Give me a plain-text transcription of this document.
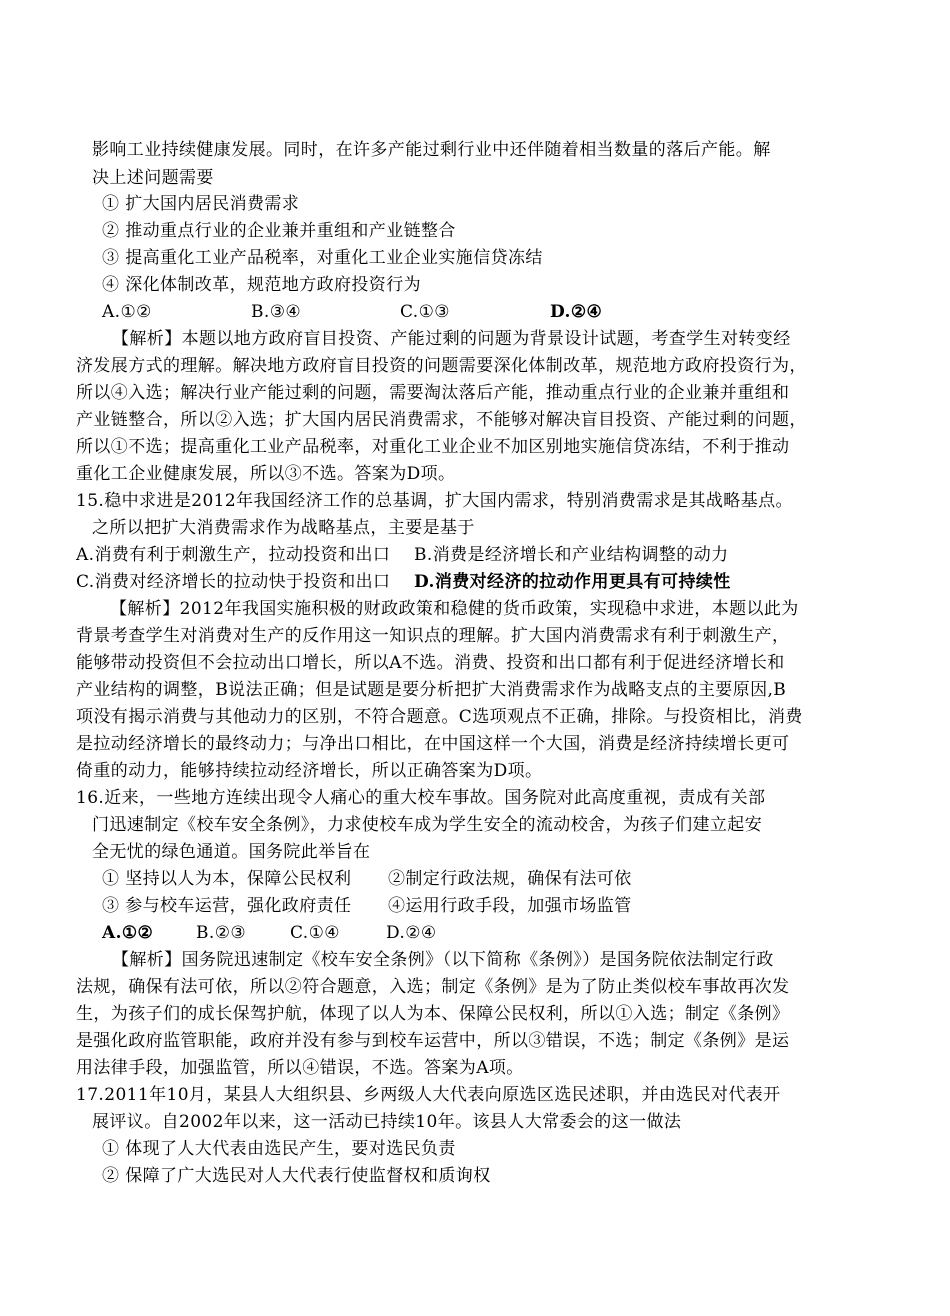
影响工业持续健康发展。同时，在许多产能过剩行业中还伴随着相当数量的落后产能。解
决上述问题需要
① 扩大国内居民消费需求
② 推动重点行业的企业兼并重组和产业链整合
③ 提高重化工业产品税率，对重化工业企业实施信贷冻结
④ 深化体制改革，规范地方政府投资行为
A.①②	B.③④	C.①③	D.②④
【解析】本题以地方政府盲目投资、产能过剩的问题为背景设计试题，考查学生对转变经
济发展方式的理解。解决地方政府盲目投资的问题需要深化体制改革，规范地方政府投资行为，
所以④入选；解决行业产能过剩的问题，需要淘汰落后产能，推动重点行业的企业兼并重组和
产业链整合，所以②入选；扩大国内居民消费需求，不能够对解决盲目投资、产能过剩的问题，
所以①不选；提高重化工业产品税率，对重化工业企业不加区别地实施信贷冻结，不利于推动
重化工企业健康发展，所以③不选。答案为D项。
15.稳中求进是2012年我国经济工作的总基调，扩大国内需求，特别消费需求是其战略基点。
之所以把扩大消费需求作为战略基点，主要是基于
A.消费有利于刺激生产，拉动投资和出口 B.消费是经济增长和产业结构调整的动力
C.消费对经济增长的拉动快于投资和出口 D.消费对经济的拉动作用更具有可持续性
【解析】2012年我国实施积极的财政政策和稳健的货币政策，实现稳中求进，本题以此为
背景考查学生对消费对生产的反作用这一知识点的理解。扩大国内消费需求有利于刺激生产，
能够带动投资但不会拉动出口增长，所以A不选。消费、投资和出口都有利于促进经济增长和
产业结构的调整，B说法正确；但是试题是要分析把扩大消费需求作为战略支点的主要原因,B
项没有揭示消费与其他动力的区别，不符合题意。C选项观点不正确，排除。与投资相比，消费
是拉动经济增长的最终动力；与净出口相比，在中国这样一个大国，消费是经济持续增长更可
倚重的动力，能够持续拉动经济增长，所以正确答案为D项。
16.近来，一些地方连续出现令人痛心的重大校车事故。国务院对此高度重视，责成有关部
门迅速制定《校车安全条例》，力求使校车成为学生安全的流动校舍，为孩子们建立起安
全无忧的绿色通道。国务院此举旨在
① 坚持以人为本，保障公民权利 ②制定行政法规，确保有法可依
③ 参与校车运营，强化政府责任 ④运用行政手段，加强市场监管
A.①②	B.②③	C.①④	D.②④
【解析】国务院迅速制定《校车安全条例》（以下简称《条例》）是国务院依法制定行政
法规，确保有法可依，所以②符合题意，入选；制定《条例》是为了防止类似校车事故再次发
生，为孩子们的成长保驾护航，体现了以人为本、保障公民权利，所以①入选；制定《条例》
是强化政府监管职能，政府并没有参与到校车运营中，所以③错误，不选；制定《条例》是运
用法律手段，加强监管，所以④错误，不选。答案为A项。
17.2011年10月，某县人大组织县、乡两级人大代表向原选区选民述职，并由选民对代表开
展评议。自2002年以来，这一活动已持续10年。该县人大常委会的这一做法
① 体现了人大代表由选民产生，要对选民负责
② 保障了广大选民对人大代表行使监督权和质询权
